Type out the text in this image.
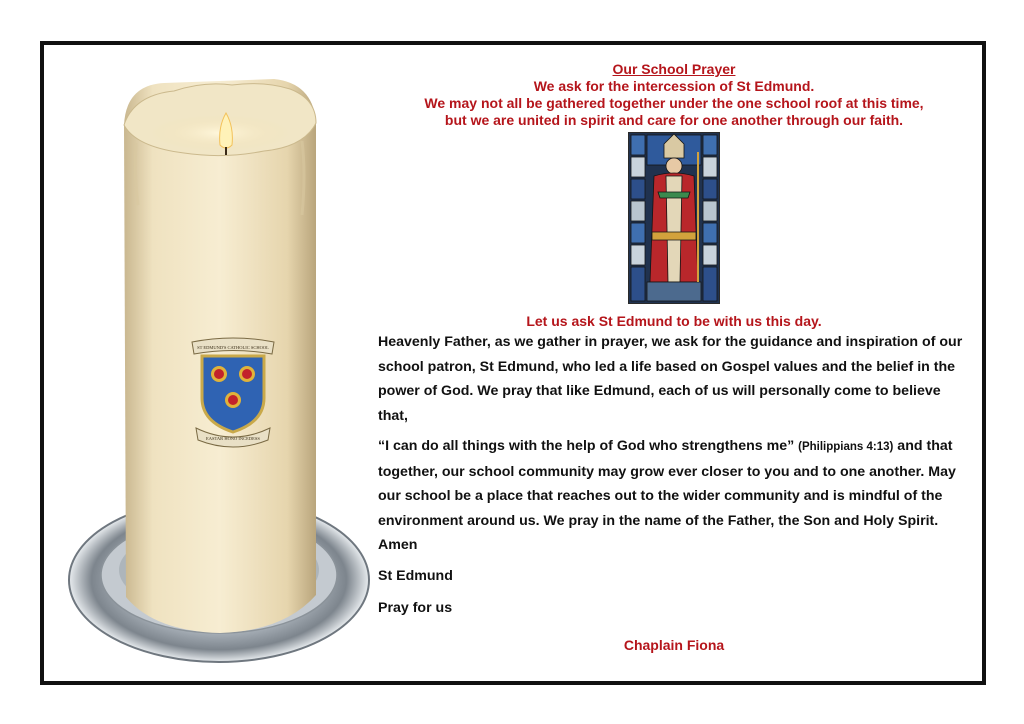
ST EDMUND'S CATHOLIC SCHOOL
EASTAR HONO INCEDESS

Our School Prayer

We ask for the intercession of St Edmund.

We may not all be gathered together under the one school roof at this time,

but we are united in spirit and care for one another through our faith.

Let us ask St Edmund to be with us this day.

Heavenly Father, as we gather in prayer, we ask for the guidance and inspiration of our school patron, St Edmund, who led a life based on Gospel values and the belief in the power of God. We pray that like Edmund, each of us will personally come to believe that,

“I can do all things with the help of God who strengthens me” (Philippians 4:13) and that together, our school community may grow ever closer to you and to one another. May our school be a place that reaches out to the wider community and is mindful of the environment around us. We pray in the name of the Father, the Son and Holy Spirit. Amen

St Edmund

Pray for us

Chaplain Fiona
